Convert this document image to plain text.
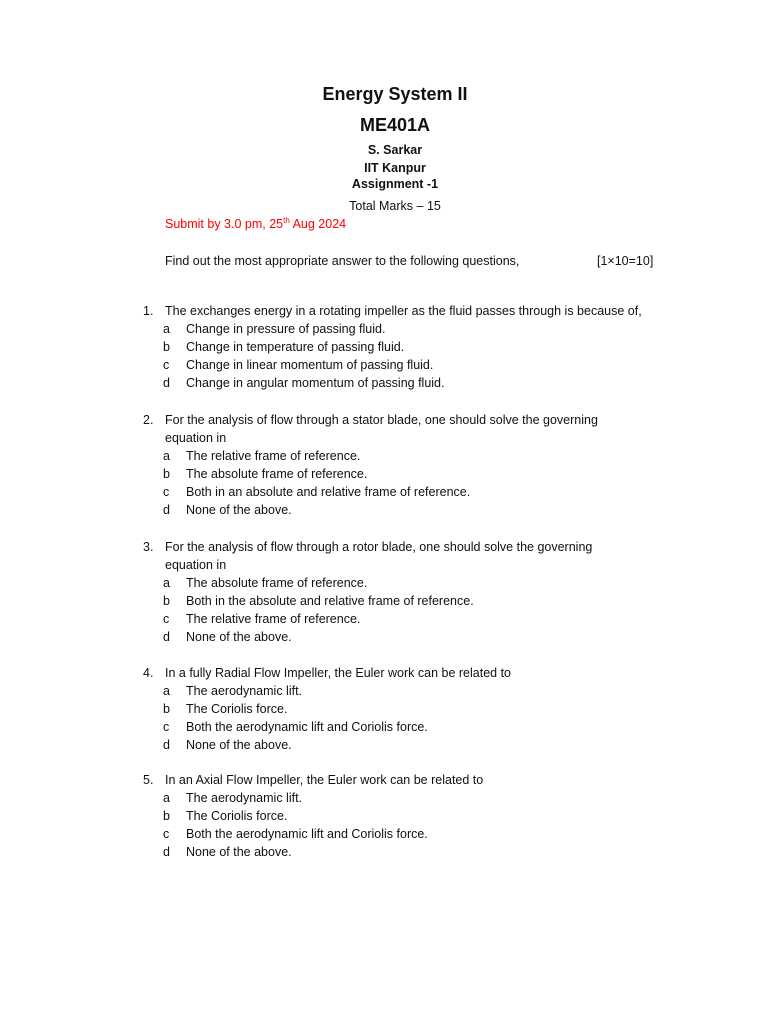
Energy System II
ME401A
S. Sarkar
IIT Kanpur
Assignment -1
Total Marks – 15
Submit by 3.0 pm, 25th Aug 2024
Find out the most appropriate answer to the following questions,	[1×10=10]
1. The exchanges energy in a rotating impeller as the fluid passes through is because of,
a Change in pressure of passing fluid.
b Change in temperature of passing fluid.
c Change in linear momentum of passing fluid.
d Change in angular momentum of passing fluid.
2. For the analysis of flow through a stator blade, one should solve the governing
equation in
a The relative frame of reference.
b The absolute frame of reference.
c Both in an absolute and relative frame of reference.
d None of the above.
3. For the analysis of flow through a rotor blade, one should solve the governing
equation in
a The absolute frame of reference.
b Both in the absolute and relative frame of reference.
c The relative frame of reference.
d None of the above.
4. In a fully Radial Flow Impeller, the Euler work can be related to
a The aerodynamic lift.
b The Coriolis force.
c Both the aerodynamic lift and Coriolis force.
d None of the above.
5. In an Axial Flow Impeller, the Euler work can be related to
a The aerodynamic lift.
b The Coriolis force.
c Both the aerodynamic lift and Coriolis force.
d None of the above.
